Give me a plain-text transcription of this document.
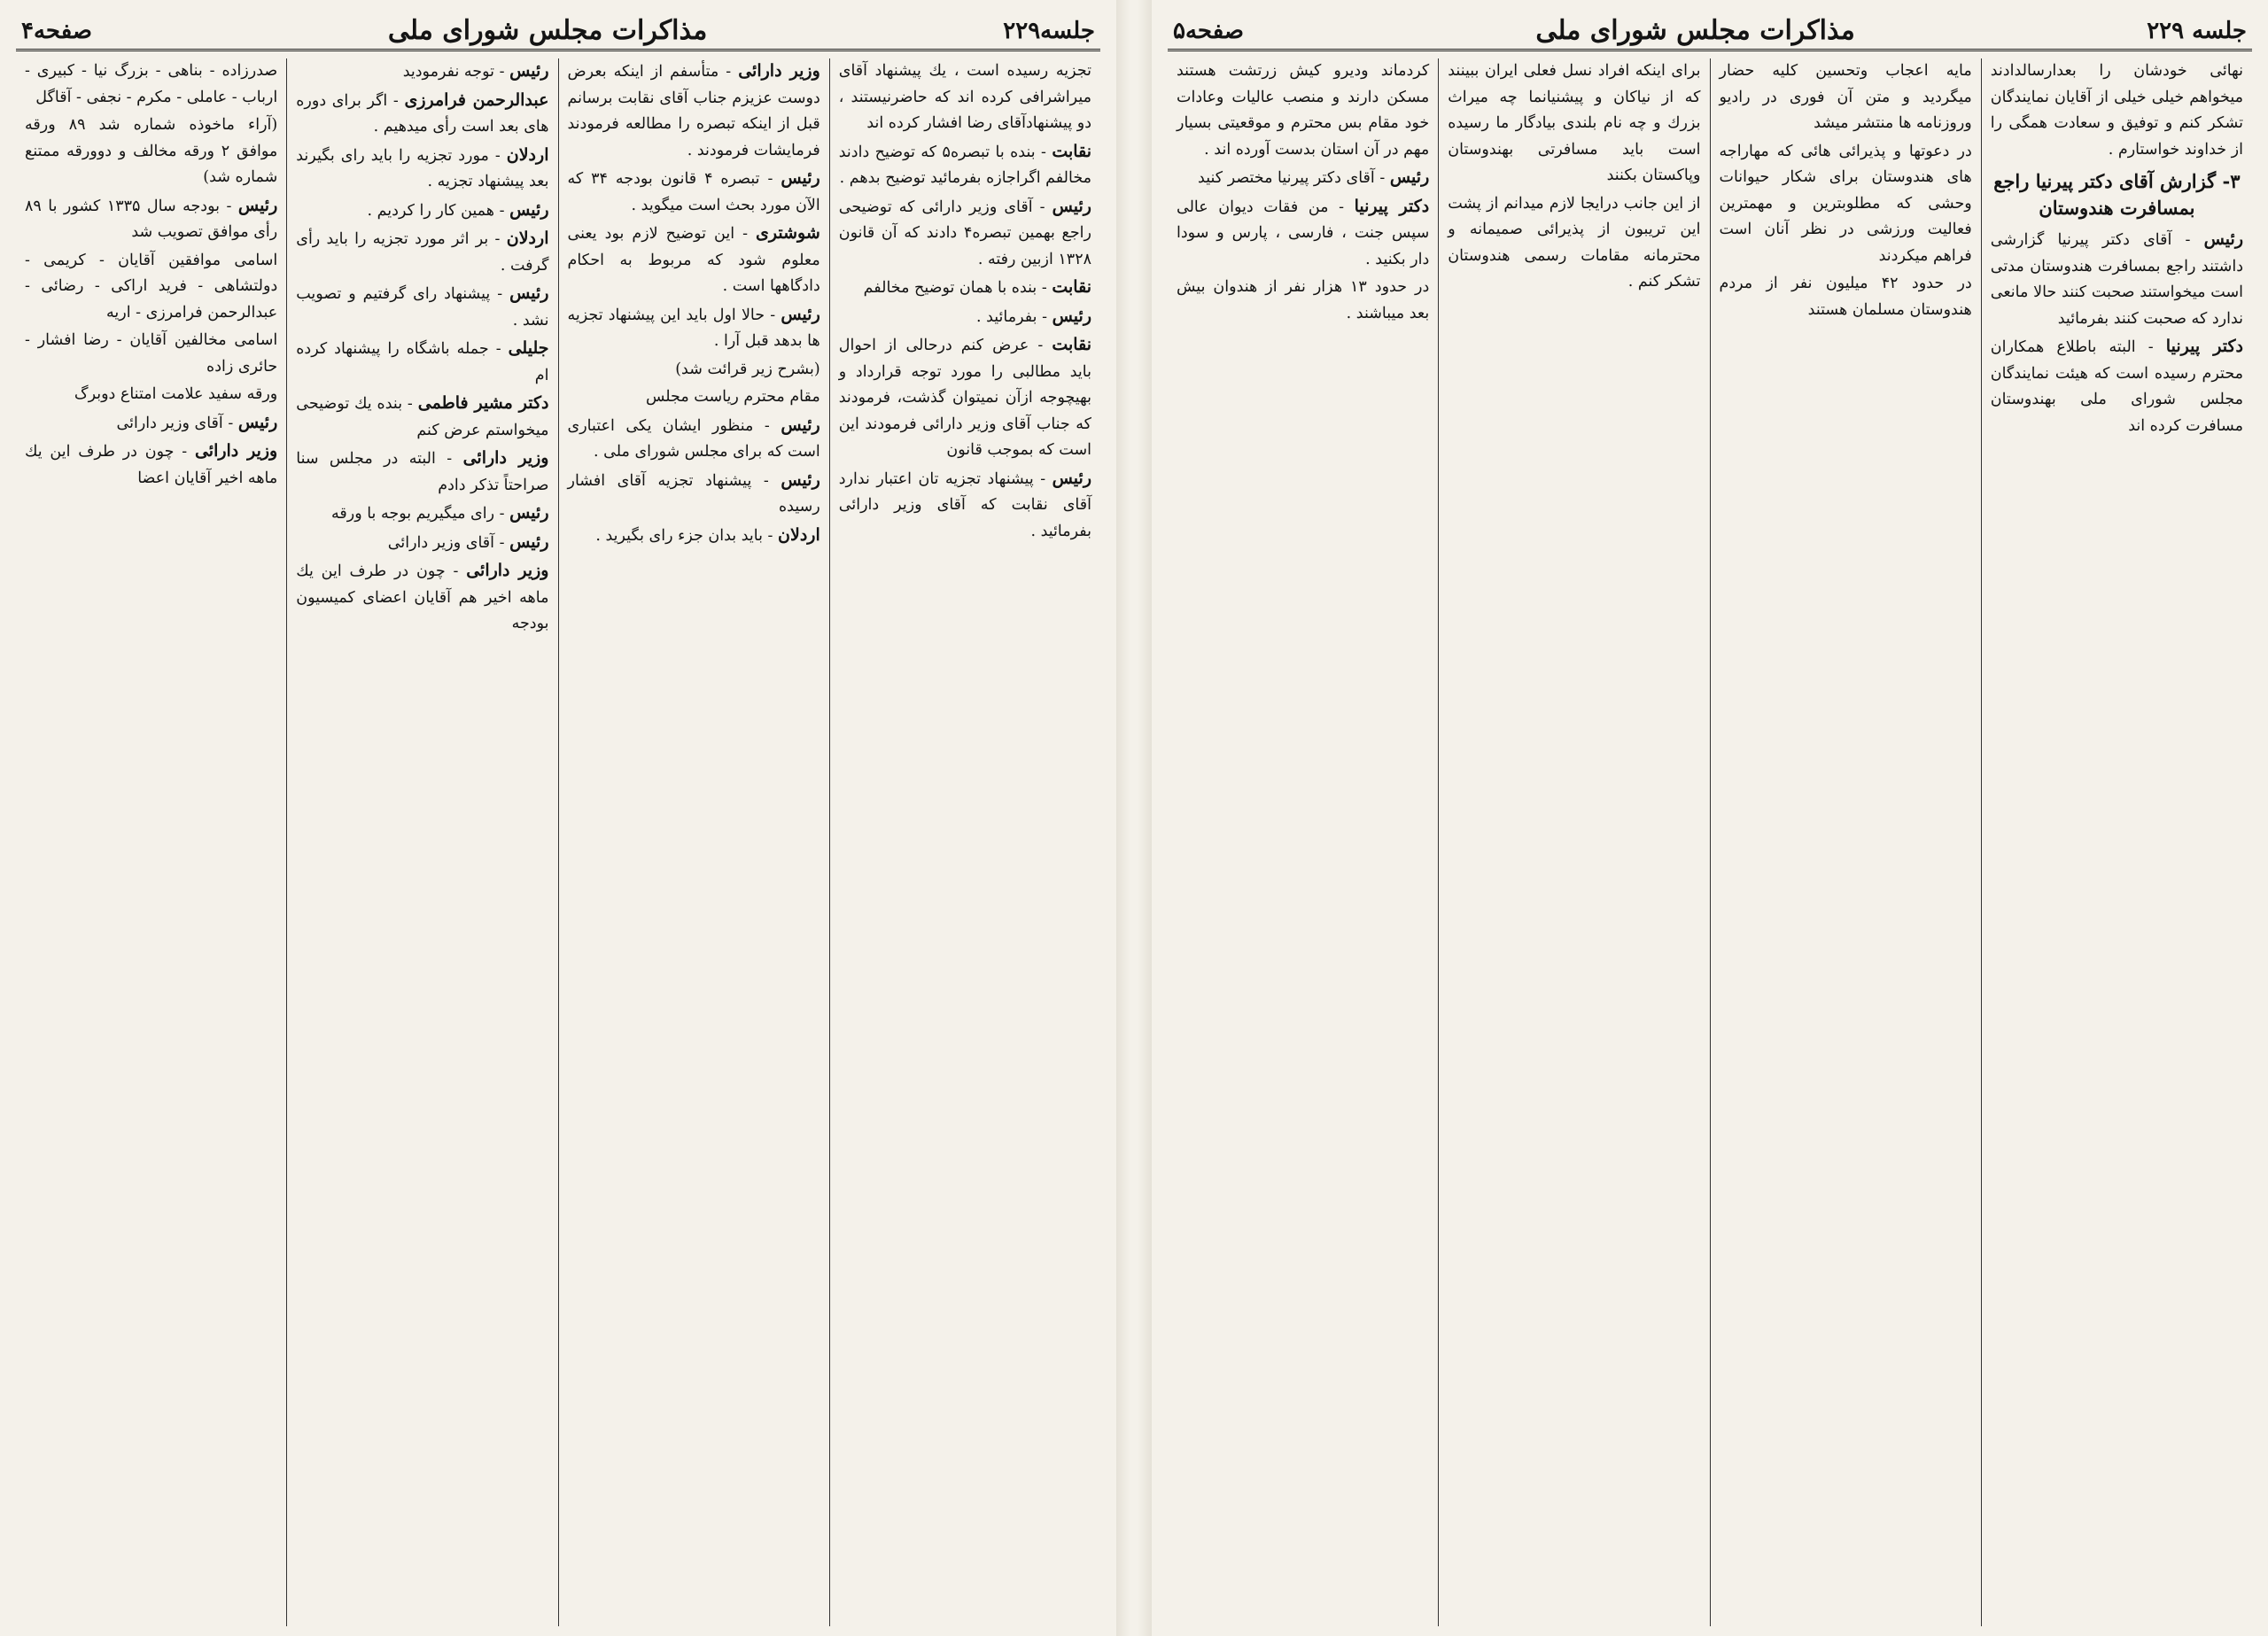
جلسه ۲۲۹
مذاکرات مجلس شورای ملی
صفحه۵

نهائی خودشان را بعدارسالدادند میخواهم خیلی خیلی از آقایان نمایندگان تشکر کنم و توفیق و سعادت همگی را از خداوند خواستارم .

۳- گزارش آقای دکتر پیرنیا راجع بمسافرت هندوستان

رئیس - آقای دکتر پیرنیا گزارشی داشتند راجع بمسافرت هندوستان مدتی است میخواستند صحبت کنند حالا مانعی ندارد که صحبت کنند بفرمائید

دکتر پیرنیا - البته باطلاع همکاران محترم رسیده است که هیئت نمایندگان مجلس شورای ملی بهندوستان مسافرت کرده اند

مایه اعجاب وتحسین کلیه حضار میگردید و متن آن فوری در رادیو وروزنامه ها منتشر میشد

در دعوتها و پذیرائی هائی که مهاراجه های هندوستان برای شکار حیوانات وحشی که مطلوبترین و مهمترین فعالیت ورزشی در نظر آنان است فراهم میکردند

در حدود ۴۲ میلیون نفر از مردم هندوستان مسلمان هستند

برای اینکه افراد نسل فعلی ایران ببینند که از نیاکان و پیشنیانما چه میراث بزرك و چه نام بلندی بیادگار ما رسیده است باید مسافرتی بهندوستان وپاکستان بکنند

از این جانب درایجا لازم میدانم از پشت این تریبون از پذیرائی صمیمانه و محترمانه مقامات رسمی هندوستان تشکر کنم .

کردماند ودیرو کیش زرتشت هستند مسکن دارند و منصب عالیات وعادات خود مقام بس محترم و موقعیتی بسیار مهم در آن استان بدست آورده اند .

رئیس - آقای دکتر پیرنیا مختصر کنید

دکتر پیرنیا - من فقات دیوان عالی سپس جنت ، فارسی ، پارس و سودا دار بکنید .

در حدود ۱۳ هزار نفر از هندوان بیش بعد میباشند .

جلسه۲۲۹
مذاکرات مجلس شورای ملی
صفحه۴

تجزیه رسیده است ، یك پیشنهاد آقای میراشرافی کرده اند که حاضرنیستند ، دو پیشنهادآقای رضا افشار کرده اند

نقابت - بنده با تبصره۵ که توضیح دادند مخالفم اگراجازه بفرمائید توضیح بدهم .

رئیس - آقای وزیر دارائی که توضیحی راجع بهمین تبصره۴ دادند که آن قانون ۱۳۲۸ ازبین رفته .

نقابت - بنده با همان توضیح مخالفم

رئیس - بفرمائید .

نقابت - عرض کنم درحالی از احوال باید مطالبی را مورد توجه قرارداد و بهیچوجه ازآن نمیتوان گذشت، فرمودند که جناب آقای وزیر دارائی فرمودند این است که بموجب قانون

رئیس - پیشنهاد تجزیه تان اعتبار ندارد آقای نقابت که آقای وزیر دارائی بفرمائید .

وزیر دارائی - متأسفم از اینکه بعرض دوست عزیزم جناب آقای نقابت برسانم قبل از اینکه تبصره را مطالعه فرمودند فرمایشات فرمودند .

رئیس - تبصره ۴ قانون بودجه ۳۴ که الآن مورد بحث است میگوید .

شوشتری - این توضیح لازم بود یعنی معلوم شود که مربوط به احکام دادگاهها است .

رئیس - حالا اول باید این پیشنهاد تجزیه ها بدهد قبل آرا .

(بشرح زیر قرائت شد)

مقام محترم ریاست مجلس

رئیس - منظور ایشان یکی اعتباری است که برای مجلس شورای ملی .

رئیس - پیشنهاد تجزیه آقای افشار رسیده

اردلان - باید بدان جزء رای بگیرید .

رئیس - توجه نفرمودید

عبدالرحمن فرامرزی - اگر برای دوره های بعد است رأی میدهیم .

اردلان - مورد تجزیه را باید رای بگیرند بعد پیشنهاد تجزیه .

رئیس - همین کار را کردیم .

اردلان - بر اثر مورد تجزیه را باید رأی گرفت .

رئیس - پیشنهاد رای گرفتیم و تصویب نشد .

جلیلی - جمله باشگاه را پیشنهاد کرده ام

دکتر مشیر فاطمی - بنده یك توضیحی میخواستم عرض کنم

وزیر دارائی - البته در مجلس سنا صراحتاً تذکر دادم

رئیس - رای میگیریم بوجه با ورقه

رئیس - آقای وزیر دارائی

وزیر دارائی - چون در طرف این یك ماهه اخیر هم آقایان اعضای کمیسیون بودجه

صدرزاده - بناهی - بزرگ نیا - کبیری - ارباب - عاملی - مکرم - نجفی - آقاگل

(آراء ماخوذه شماره شد ۸۹ ورقه موافق ۲ ورقه مخالف و دوورقه ممتنع شماره شد)

رئیس - بودجه سال ۱۳۳۵ کشور با ۸۹ رأی موافق تصویب شد

اسامی موافقین آقایان - کریمی - دولتشاهی - فرید اراکی - رضائی - عبدالرحمن فرامرزی - اریه

اسامی مخالفین آقایان - رضا افشار - حائری زاده

ورقه سفید علامت امتناع دوبرگ

رئیس - آقای وزیر دارائی

وزیر دارائی - چون در طرف این یك ماهه اخیر آقایان اعضا
